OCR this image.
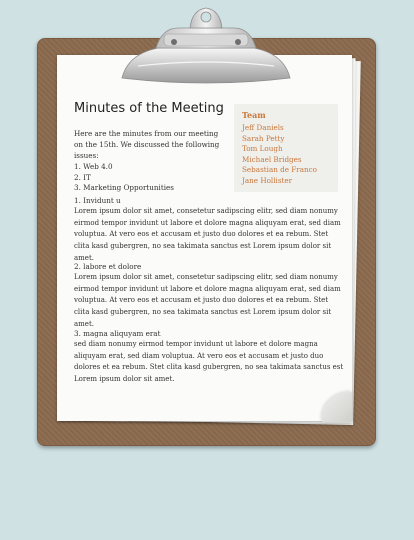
Minutes of the Meeting
Here are the minutes from our meeting on the 15th. We discussed the following issues:
1. Web 4.0
2. IT
3. Marketing Opportunities
Team
Jeff Daniels
Sarah Petty
Tom Lough
Michael Bridges
Sebastian de Franco
Jane Hollister
1. Invidunt u

Lorem ipsum dolor sit amet, consetetur sadipscing elitr, sed diam nonumy eirmod tempor invidunt ut labore et dolore magna aliquyam erat, sed diam voluptua. At vero eos et accusam et justo duo dolores et ea rebum. Stet clita kasd gubergren, no sea takimata sanctus est Lorem ipsum dolor sit amet.

2. labore et dolore

Lorem ipsum dolor sit amet, consetetur sadipscing elitr, sed diam nonumy eirmod tempor invidunt ut labore et dolore magna aliquyam erat, sed diam voluptua. At vero eos et accusam et justo duo dolores et ea rebum. Stet clita kasd gubergren, no sea takimata sanctus est Lorem ipsum dolor sit amet.

3. magna aliquyam erat

sed diam nonumy eirmod tempor invidunt ut labore et dolore magna aliquyam erat, sed diam voluptua. At vero eos et accusam et justo duo dolores et ea rebum. Stet clita kasd gubergren, no sea takimata sanctus est Lorem ipsum dolor sit amet.
